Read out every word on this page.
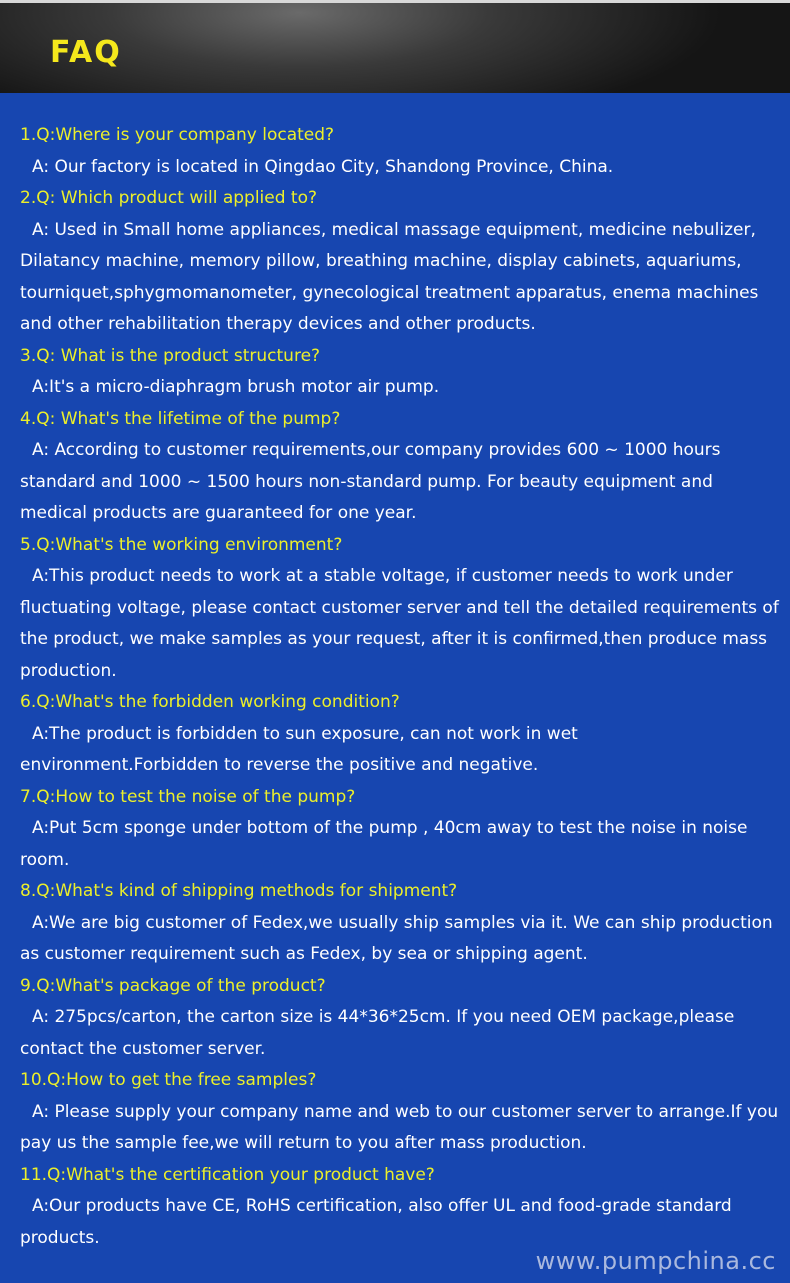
FAQ

1.Q:Where is your company located?

A: Our factory is located in Qingdao City, Shandong Province, China.

2.Q: Which product will applied to?

A: Used in Small home appliances, medical massage equipment, medicine nebulizer, Dilatancy machine, memory pillow, breathing machine, display cabinets, aquariums, tourniquet,sphygmomanometer, gynecological treatment apparatus, enema machines and other rehabilitation therapy devices and other products.

3.Q: What is the product structure?

A:It's a micro-diaphragm brush motor air pump.

4.Q: What's the lifetime of the pump?

A: According to customer requirements,our company provides 600 ~ 1000 hours standard and 1000 ~ 1500 hours non-standard pump. For beauty equipment and medical products are guaranteed for one year.

5.Q:What's the working environment?

A:This product needs to work at a stable voltage, if customer needs to work under fluctuating voltage, please contact customer server and tell the detailed requirements of the product, we make samples as your request, after it is confirmed,then produce mass production.

6.Q:What's the forbidden working condition?

A:The product is forbidden to sun exposure, can not work in wet environment.Forbidden to reverse the positive and negative.

7.Q:How to test the noise of the pump?

A:Put 5cm sponge under bottom of the pump , 40cm away to test the noise in noise room.

8.Q:What's kind of shipping methods for shipment?

A:We are big customer of Fedex,we usually ship samples via it. We can ship production as customer requirement such as Fedex, by sea or shipping agent.

9.Q:What's package of the product?

A: 275pcs/carton, the carton size is 44*36*25cm. If you need OEM package,please contact the customer server.

10.Q:How to get the free samples?

A: Please supply your company name and web to our customer server to arrange.If you pay us the sample fee,we will return to you after mass production.

11.Q:What's the certification your product have?

A:Our products have CE, RoHS certification, also offer UL and food-grade standard products.

www.pumpchina.cc
